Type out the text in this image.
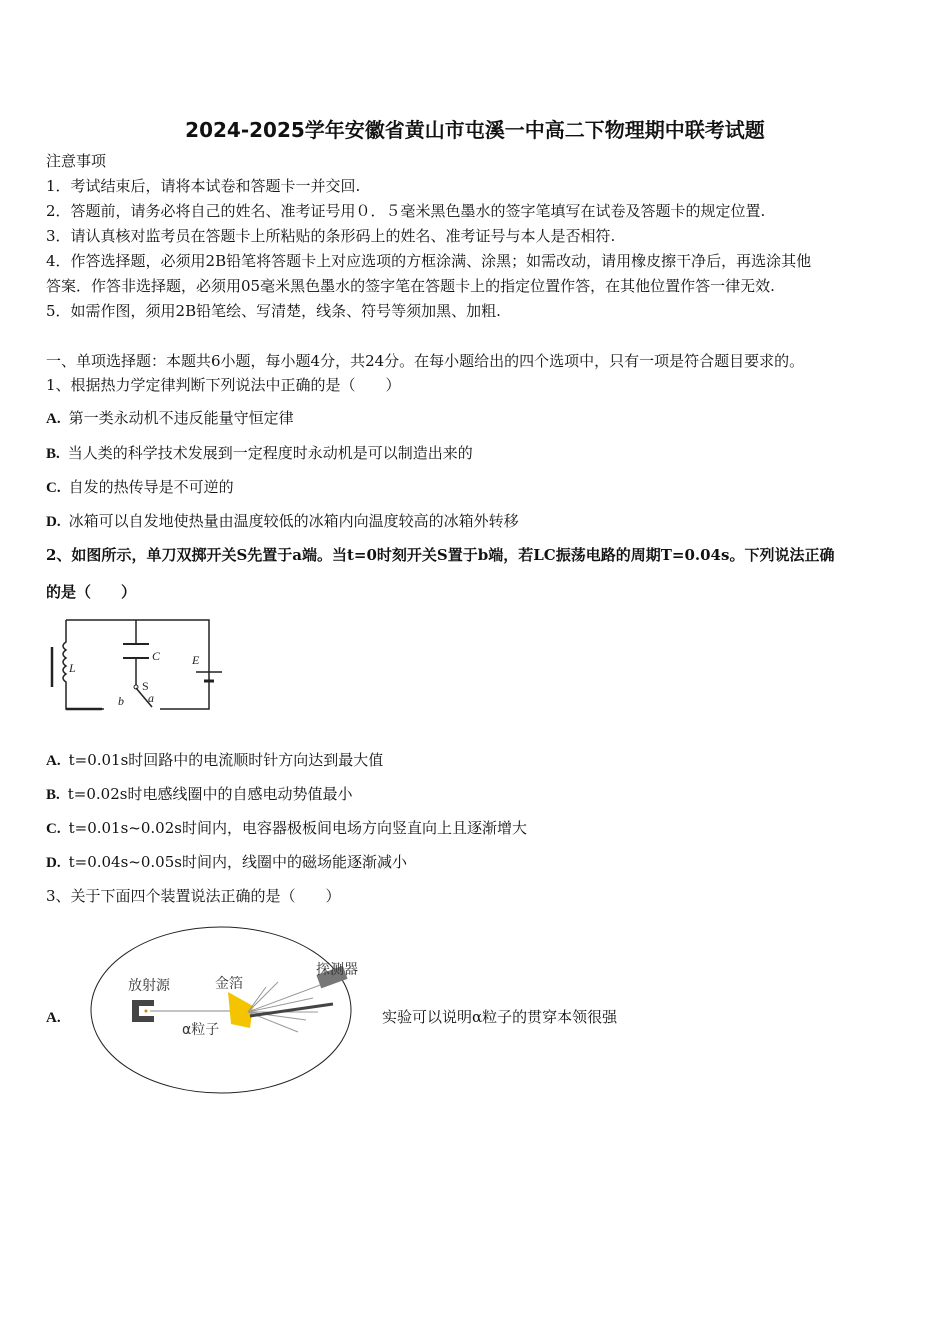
2024-2025学年安徽省黄山市屯溪一中高二下物理期中联考试题
注意事项
1．考试结束后，请将本试卷和答题卡一并交回.
2．答题前，请务必将自己的姓名、准考证号用０．５毫米黑色墨水的签字笔填写在试卷及答题卡的规定位置.
3．请认真核对监考员在答题卡上所粘贴的条形码上的姓名、准考证号与本人是否相符.
4．作答选择题，必须用2B铅笔将答题卡上对应选项的方框涂满、涂黑；如需改动，请用橡皮擦干净后，再选涂其他
答案．作答非选择题，必须用05毫米黑色墨水的签字笔在答题卡上的指定位置作答，在其他位置作答一律无效.
5．如需作图，须用2B铅笔绘、写清楚，线条、符号等须加黑、加粗.
一、单项选择题：本题共6小题，每小题4分，共24分。在每小题给出的四个选项中，只有一项是符合题目要求的。
1、根据热力学定律判断下列说法中正确的是（　　）
A. 第一类永动机不违反能量守恒定律
B. 当人类的科学技术发展到一定程度时永动机是可以制造出来的
C. 自发的热传导是不可逆的
D. 冰箱可以自发地使热量由温度较低的冰箱内向温度较高的冰箱外转移
2、如图所示，单刀双掷开关S先置于a端。当t=0时刻开关S置于b端，若LC振荡电路的周期T=0.04s。下列说法正确
的是（　　）
L
C	E
S
a
b
A. t=0.01s时回路中的电流顺时针方向达到最大值
B. t=0.02s时电感线圈中的自感电动势值最小
C. t=0.01s~0.02s时间内，电容器极板间电场方向竖直向上且逐渐增大
D. t=0.04s~0.05s时间内，线圈中的磁场能逐渐减小
3、关于下面四个装置说法正确的是（　　）
A.
放射源	金箔
探测器
α粒子
实验可以说明α粒子的贯穿本领很强
